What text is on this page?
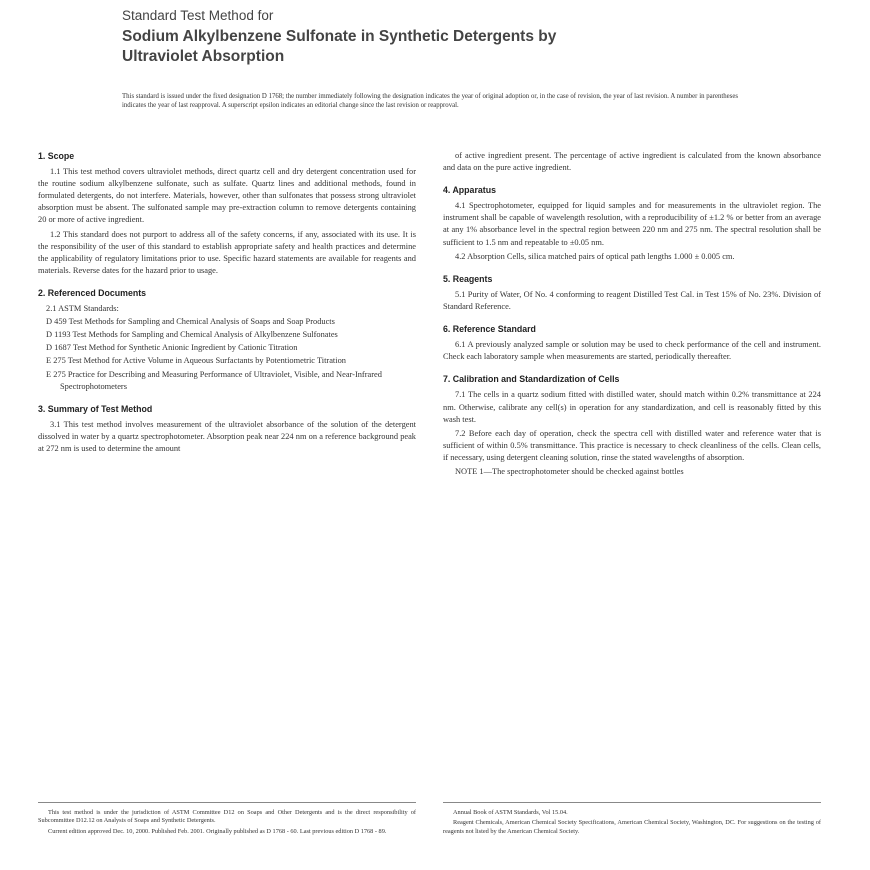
Standard Test Method for
Sodium Alkylbenzene Sulfonate in Synthetic Detergents by
Ultraviolet Absorption

This standard is issued under the fixed designation D 1768; the number immediately following the designation indicates the year of original adoption or, in the case of revision, the year of last revision. A number in parentheses indicates the year of last reapproval. A superscript epsilon indicates an editorial change since the last revision or reapproval.

1. Scope

1.1 This test method covers ultraviolet methods, direct quartz cell and dry detergent concentration used for the routine sodium alkylbenzene sulfonate, such as sulfate. Quartz lines and additional methods, found in formulated detergents, do not interfere. Materials, however, other than sulfonates that possess strong ultraviolet absorption must be absent. The sulfonated sample may pre-extraction column to remove detergents containing 20 or more of active ingredient.

1.2 This standard does not purport to address all of the safety concerns, if any, associated with its use. It is the responsibility of the user of this standard to establish appropriate safety and health practices and determine the applicability of regulatory limitations prior to use. Specific hazard statements are available for reagents and materials. Reverse dates for the hazard prior to usage.

2. Referenced Documents
2.1 ASTM Standards:
D 459 Test Methods for Sampling and Chemical Analysis of Soaps and Soap Products
D 1193 Test Methods for Sampling and Chemical Analysis of Alkylbenzene Sulfonates
D 1687 Test Method for Synthetic Anionic Ingredient by Cationic Titration
E 275 Test Method for Active Volume in Aqueous Surfactants by Potentiometric Titration
E 275 Practice for Describing and Measuring Performance of Ultraviolet, Visible, and Near-Infrared Spectrophotometers
3. Summary of Test Method

3.1 This test method involves measurement of the ultraviolet absorbance of the solution of the detergent dissolved in water by a quartz spectrophotometer. Absorption peak near 224 nm on a reference background peak at 272 nm is used to determine the amount

of active ingredient present. The percentage of active ingredient is calculated from the known absorbance and data on the pure active ingredient.

4. Apparatus

4.1 Spectrophotometer, equipped for liquid samples and for measurements in the ultraviolet region. The instrument shall be capable of wavelength resolution, with a reproducibility of ±1.2 % or better from an average at any 1% absorbance level in the spectral region between 220 nm and 275 nm. The spectral resolution shall be sufficient to 1.5 nm and repeatable to ±0.05 nm.

4.2 Absorption Cells, silica matched pairs of optical path lengths 1.000 ± 0.005 cm.

5. Reagents

5.1 Purity of Water, Of No. 4 conforming to reagent Distilled Test Cal. in Test 15% of No. 23%. Division of Standard Reference.

6. Reference Standard

6.1 A previously analyzed sample or solution may be used to check performance of the cell and instrument. Check each laboratory sample when measurements are started, periodically thereafter.

7. Calibration and Standardization of Cells

7.1 The cells in a quartz sodium fitted with distilled water, should match within 0.2% transmittance at 224 nm. Otherwise, calibrate any cell(s) in operation for any standardization, and cell is reasonably fitted by this wash test.

7.2 Before each day of operation, check the spectra cell with distilled water and reference water that is sufficient of within 0.5% transmittance. This practice is necessary to check cleanliness of the cells. Clean cells, if necessary, using detergent cleaning solution, rinse the stated wavelengths of absorption.

NOTE 1—The spectrophotometer should be checked against bottles

This test method is under the jurisdiction of ASTM Committee D12 on Soaps and Other Detergents and is the direct responsibility of Subcommittee D12.12 on Analysis of Soaps and Synthetic Detergents.

Current edition approved Dec. 10, 2000. Published Feb. 2001. Originally published as D 1768 - 60. Last previous edition D 1768 - 89.

Annual Book of ASTM Standards, Vol 15.04.

Reagent Chemicals, American Chemical Society Specifications, American Chemical Society, Washington, DC. For suggestions on the testing of reagents not listed by the American Chemical Society.
